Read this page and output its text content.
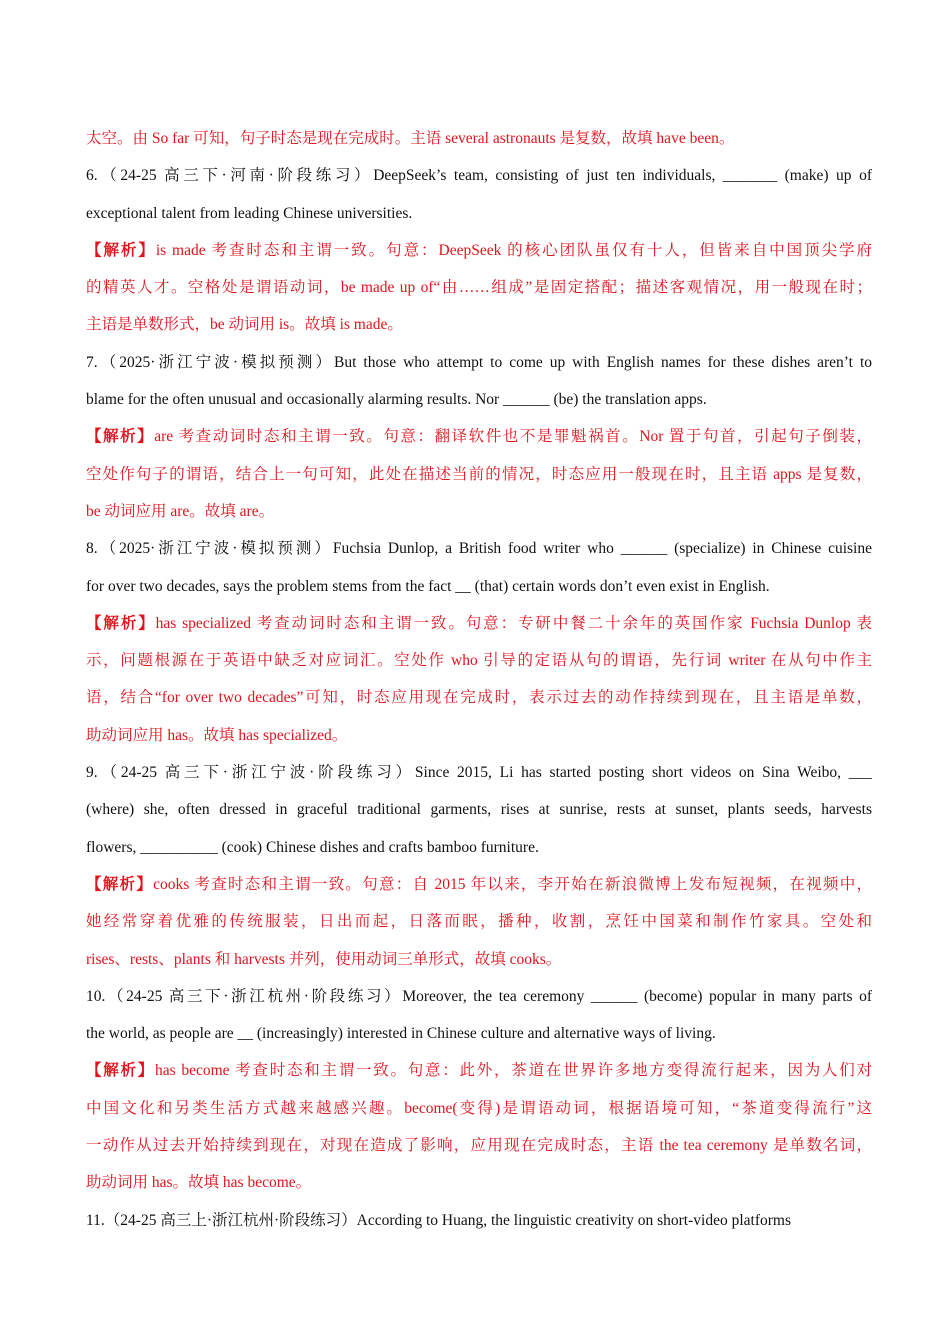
太空。由 So far 可知，句子时态是现在完成时。主语 several astronauts 是复数，故填 have been。
6.（24-25 高三下·河南·阶段练习）DeepSeek’s team, consisting of just ten individuals, _______ (make) up of
exceptional talent from leading Chinese universities.
【解析】is made 考查时态和主谓一致。句意：DeepSeek 的核心团队虽仅有十人，但皆来自中国顶尖学府
的精英人才。空格处是谓语动词，be made up of“由……组成”是固定搭配；描述客观情况，用一般现在时；
主语是单数形式，be 动词用 is。故填 is made。
7.（2025·浙江宁波·模拟预测）But those who attempt to come up with English names for these dishes aren’t to
blame for the often unusual and occasionally alarming results. Nor ______ (be) the translation apps.
【解析】are 考查动词时态和主谓一致。句意：翻译软件也不是罪魁祸首。Nor 置于句首，引起句子倒装，
空处作句子的谓语，结合上一句可知，此处在描述当前的情况，时态应用一般现在时，且主语 apps 是复数，
be 动词应用 are。故填 are。
8.（2025·浙江宁波·模拟预测）Fuchsia Dunlop, a British food writer who ______ (specialize) in Chinese cuisine
for over two decades, says the problem stems from the fact __ (that) certain words don’t even exist in English.
【解析】has specialized 考查动词时态和主谓一致。句意：专研中餐二十余年的英国作家 Fuchsia Dunlop 表
示，问题根源在于英语中缺乏对应词汇。空处作 who 引导的定语从句的谓语，先行词 writer 在从句中作主
语，结合“for over two decades”可知，时态应用现在完成时，表示过去的动作持续到现在，且主语是单数，
助动词应用 has。故填 has specialized。
9.（24-25 高三下·浙江宁波·阶段练习）Since 2015, Li has started posting short videos on Sina Weibo, ___
(where) she, often dressed in graceful traditional garments, rises at sunrise, rests at sunset, plants seeds, harvests
flowers, __________ (cook) Chinese dishes and crafts bamboo furniture.
【解析】cooks 考查时态和主谓一致。句意：自 2015 年以来，李开始在新浪微博上发布短视频，在视频中，
她经常穿着优雅的传统服装，日出而起，日落而眠，播种，收割，烹饪中国菜和制作竹家具。空处和
rises、rests、plants 和 harvests 并列，使用动词三单形式，故填 cooks。
10.（24-25 高三下·浙江杭州·阶段练习）Moreover, the tea ceremony ______ (become) popular in many parts of
the world, as people are __ (increasingly) interested in Chinese culture and alternative ways of living.
【解析】has become 考查时态和主谓一致。句意：此外，茶道在世界许多地方变得流行起来，因为人们对
中国文化和另类生活方式越来越感兴趣。become(变得)是谓语动词，根据语境可知，“茶道变得流行”这
一动作从过去开始持续到现在，对现在造成了影响，应用现在完成时态，主语 the tea ceremony 是单数名词，
助动词用 has。故填 has become。
11.（24-25 高三上·浙江杭州·阶段练习）According to Huang, the linguistic creativity on short-video platforms
